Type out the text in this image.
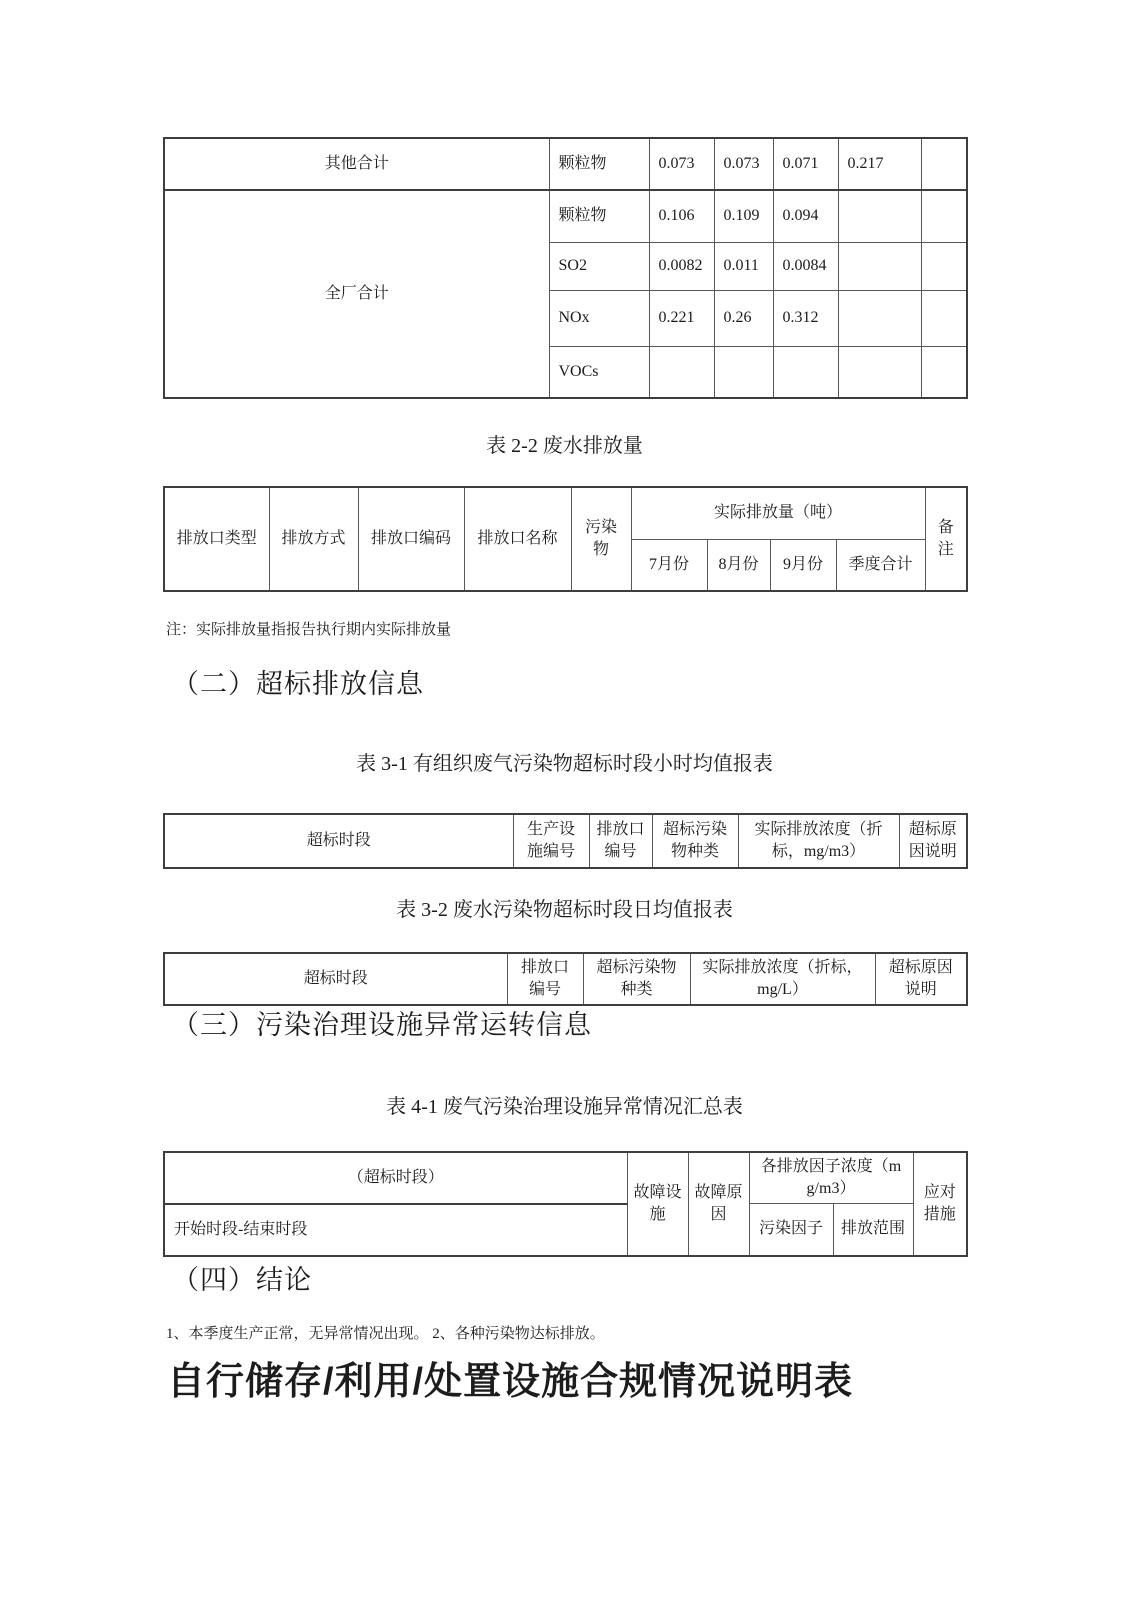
其他合计	颗粒物	0.073	0.073	0.071	0.217	
全厂合计	颗粒物	0.106	0.109	0.094		
	SO2	0.0082	0.011	0.0084		
	NOx	0.221	0.26	0.312		
	VOCs					
表 2-2 废水排放量
排放口类型	排放方式	排放口编码	排放口名称	污染物	实际排放量（吨）				备注
					7月份	8月份	9月份	季度合计	
注：实际排放量指报告执行期内实际排放量
（二）超标排放信息
表 3-1 有组织废气污染物超标时段小时均值报表
超标时段	生产设施编号	排放口编号	超标污染物种类	实际排放浓度（折标，mg/m3）	超标原因说明
表 3-2 废水污染物超标时段日均值报表
超标时段	排放口编号	超标污染物种类	实际排放浓度（折标，mg/L）	超标原因说明
（三）污染治理设施异常运转信息
表 4-1 废气污染治理设施异常情况汇总表
（超标时段）	故障设施	故障原因	各排放因子浓度（mg/m3）		应对措施
开始时段-结束时段			污染因子	排放范围	
（四）结论
1、本季度生产正常，无异常情况出现。 2、各种污染物达标排放。
自行储存/利用/处置设施合规情况说明表
